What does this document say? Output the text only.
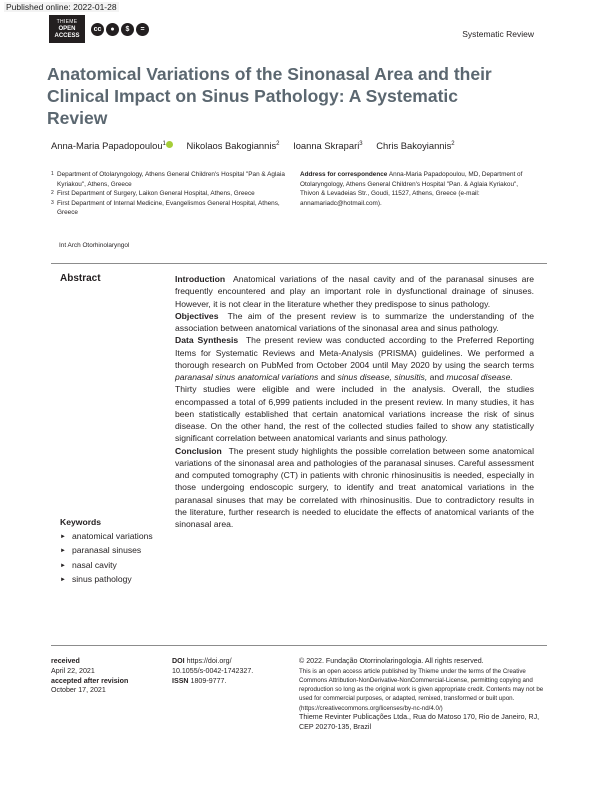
Published online: 2022-01-28
THIEME
OPEN
ACCESS
cc	●	$	=	Systematic Review
Anatomical Variations of the Sinonasal Area and their Clinical Impact on Sinus Pathology: A Systematic Review
Anna-Maria Papadopoulou$^1$ Nikolaos Bakogiannis$^2$ Ioanna Skrapari$^3$ Chris Bakoyiannis$^2$
1 Department of Otolaryngology, Athens General Children's Hospital "Pan & Aglaia Kyriakou", Athens, Greece
2 First Department of Surgery, Laikon General Hospital, Athens, Greece
3 First Department of Internal Medicine, Evangelismos General Hospital, Athens, Greece
Address for correspondence Anna-Maria Papadopoulou, MD, Department of Otolaryngology, Athens General Children's Hospital "Pan. & Aglaia Kyriakou", Thivon & Levadeias Str., Goudi, 11527, Athens, Greece (e-mail: annamariadc@hotmail.com).
Int Arch Otorhinolaryngol
Abstract	Introduction Anatomical variations of the nasal cavity and of the paranasal sinuses are frequently encountered and play an important role in dysfunctional drainage of sinuses. However, it is not clear in the literature whether they predispose to sinus pathology.

Objectives The aim of the present review is to summarize the understanding of the association between anatomical variations of the sinonasal area and sinus pathology.

Data Synthesis The present review was conducted according to the Preferred Reporting Items for Systematic Reviews and Meta-Analysis (PRISMA) guidelines. We performed a thorough research on PubMed from October 2004 until May 2020 by using the search terms paranasal sinus anatomical variations and sinus disease, sinusitis, and mucosal disease.

Thirty studies were eligible and were included in the analysis. Overall, the studies encompassed a total of 6,999 patients included in the present review. In many studies, it has been statistically established that certain anatomical variations increase the risk of sinus disease. On the other hand, the rest of the collected studies failed to show any statistically significant correlation between anatomical variants and sinus pathology.

Conclusion The present study highlights the possible correlation between some anatomical variations of the sinonasal area and pathologies of the paranasal sinuses. Careful assessment and computed tomography (CT) in patients with chronic rhinosinusitis is needed, especially in those undergoing endoscopic surgery, to identify and treat anatomical variations in the paranasal sinuses that may be correlated with rhinosinusitis. Due to contradictory results in the literature, further research is needed to elucidate the effects of anatomical variants of the sinonasal area.

Keywords
► anatomical variations
► paranasal sinuses
► nasal cavity
► sinus pathology
received
April 22, 2021
accepted after revision
October 17, 2021
DOI https://doi.org/
10.1055/s-0042-1742327.
ISSN 1809-9777.
© 2022. Fundação Otorrinolaringologia. All rights reserved.
This is an open access article published by Thieme under the terms of the Creative Commons Attribution-NonDerivative-NonCommercial-License, permitting copying and reproduction so long as the original work is given appropriate credit. Contents may not be used for commercial purposes, or adapted, remixed, transformed or built upon. (https://creativecommons.org/licenses/by-nc-nd/4.0/)
Thieme Revinter Publicações Ltda., Rua do Matoso 170, Rio de Janeiro, RJ, CEP 20270-135, Brazil
